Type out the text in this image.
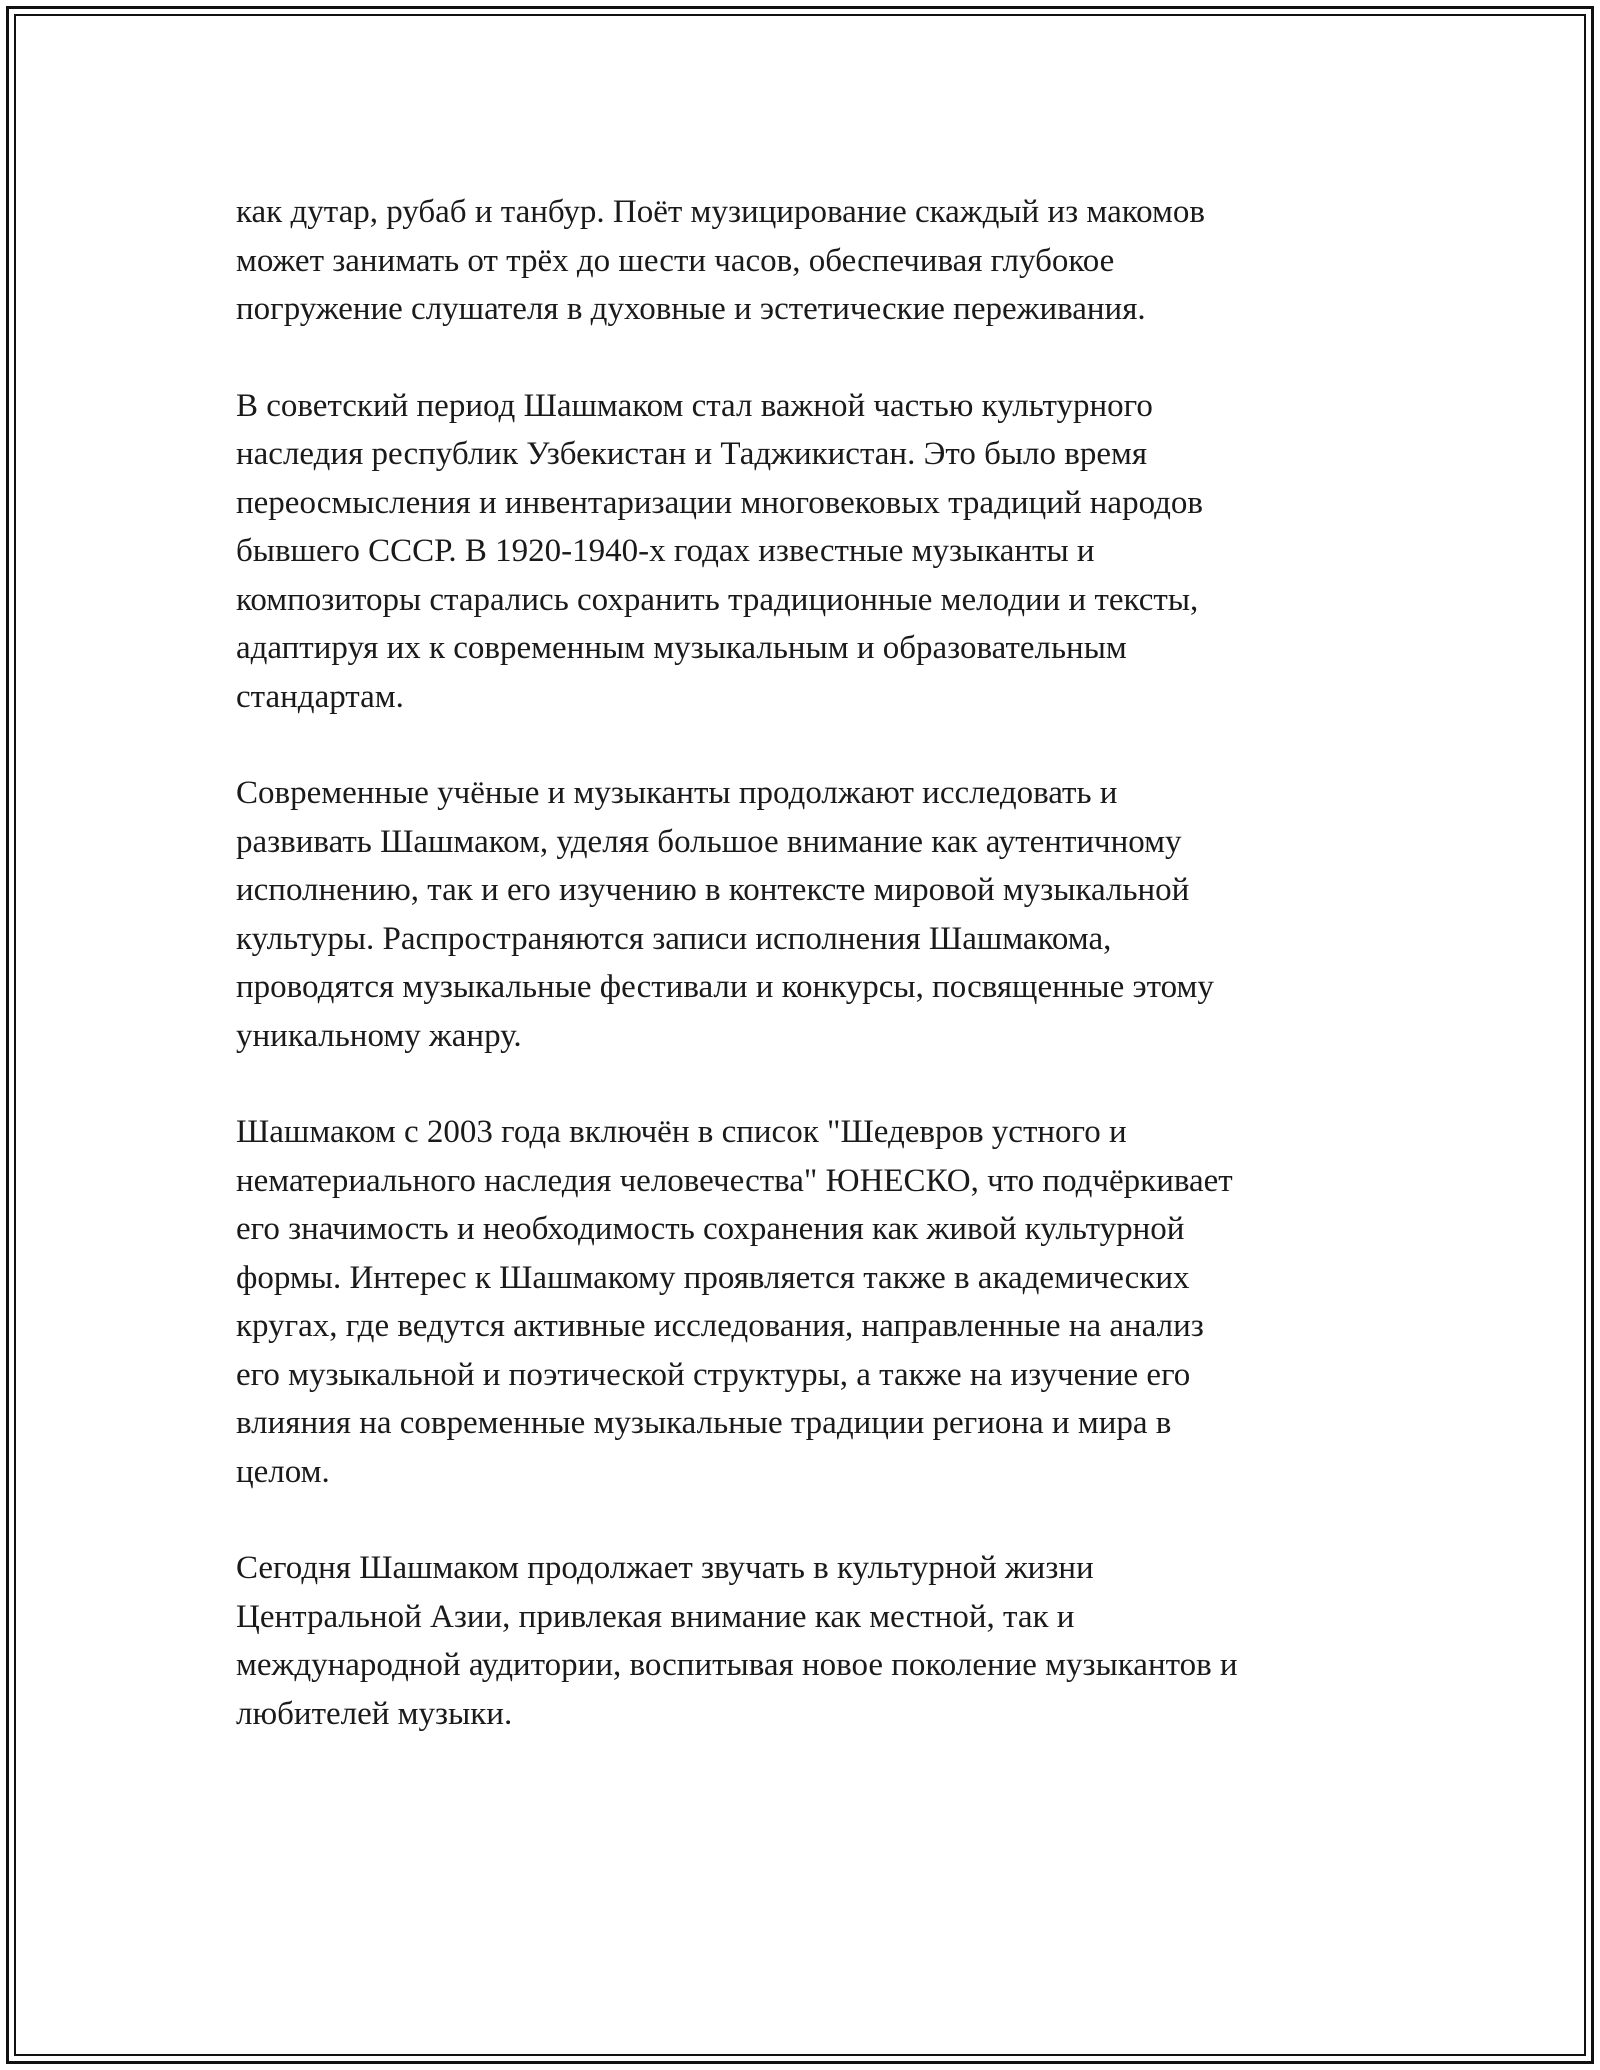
как дутар, рубаб и танбур. Поёт музицирование скаждый из макомов
может занимать от трёх до шести часов, обеспечивая глубокое
погружение слушателя в духовные и эстетические переживания.

В советский период Шашмаком стал важной частью культурного
наследия республик Узбекистан и Таджикистан. Это было время
переосмысления и инвентаризации многовековых традиций народов
бывшего СССР. В 1920-1940-х годах известные музыканты и
композиторы старались сохранить традиционные мелодии и тексты,
адаптируя их к современным музыкальным и образовательным
стандартам.

Современные учёные и музыканты продолжают исследовать и
развивать Шашмаком, уделяя большое внимание как аутентичному
исполнению, так и его изучению в контексте мировой музыкальной
культуры. Распространяются записи исполнения Шашмакома,
проводятся музыкальные фестивали и конкурсы, посвященные этому
уникальному жанру.

Шашмаком с 2003 года включён в список "Шедевров устного и
нематериального наследия человечества" ЮНЕСКО, что подчёркивает
его значимость и необходимость сохранения как живой культурной
формы. Интерес к Шашмакому проявляется также в академических
кругах, где ведутся активные исследования, направленные на анализ
его музыкальной и поэтической структуры, а также на изучение его
влияния на современные музыкальные традиции региона и мира в
целом.

Сегодня Шашмаком продолжает звучать в культурной жизни
Центральной Азии, привлекая внимание как местной, так и
международной аудитории, воспитывая новое поколение музыкантов и
любителей музыки.
